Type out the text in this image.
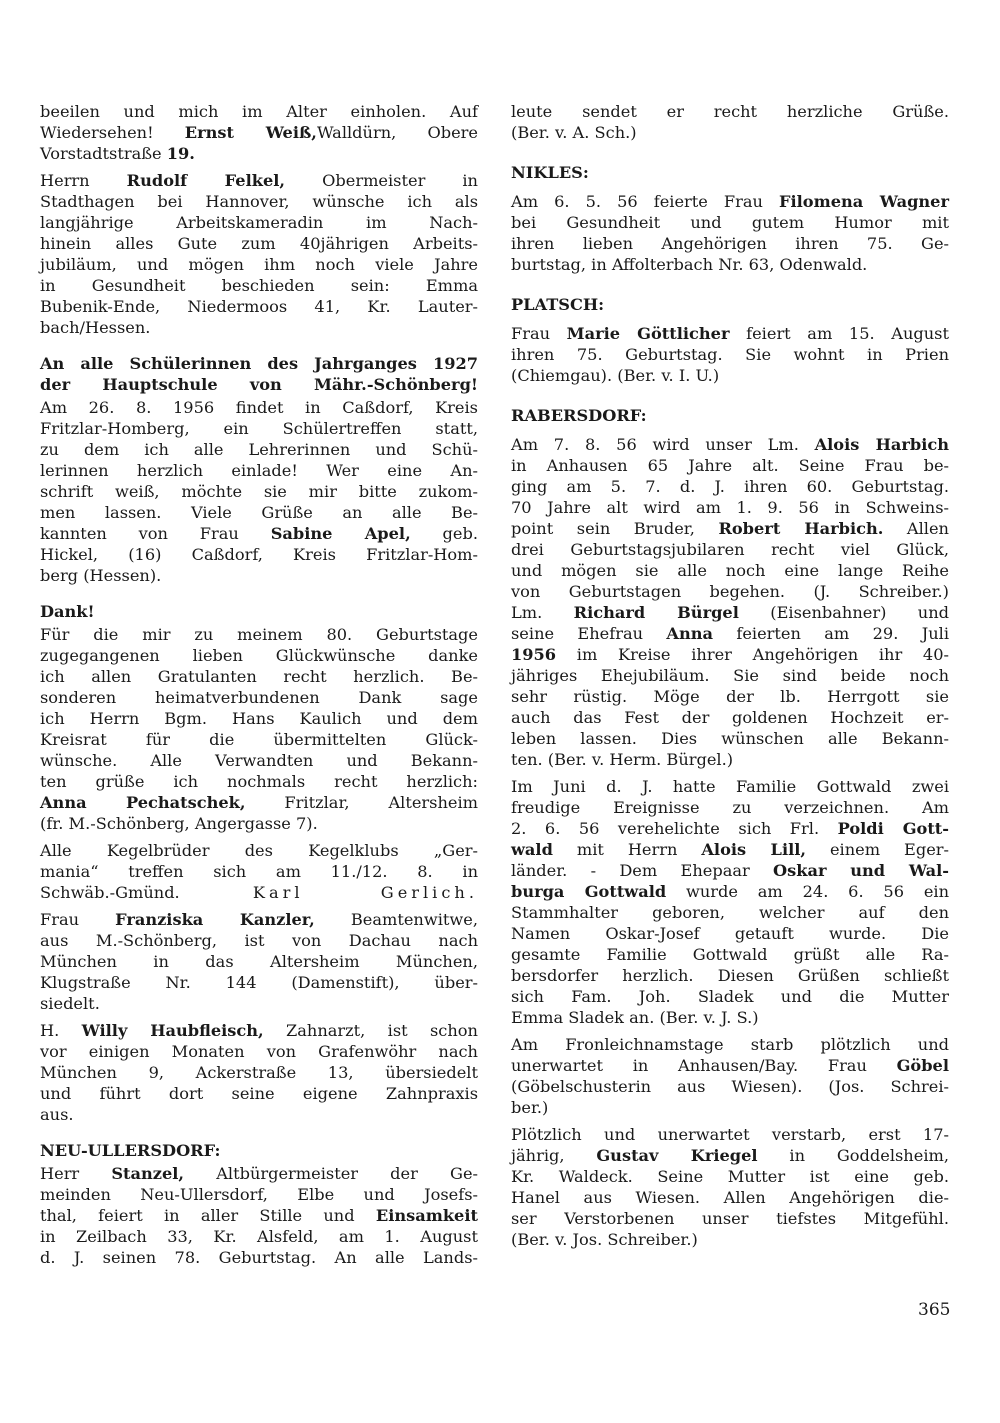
beeilen und mich im Alter einholen. Auf
Wiedersehen! Ernst Weiß,Walldürn, Obere
Vorstadtstraße 19.
Herrn Rudolf Felkel, Obermeister in
Stadthagen bei Hannover, wünsche ich als
langjährige Arbeitskameradin im Nach-
hinein alles Gute zum 40jährigen Arbeits-
jubiläum, und mögen ihm noch viele Jahre
in Gesundheit beschieden sein: Emma
Bubenik-Ende, Niedermoos 41, Kr. Lauter-
bach/Hessen.
An alle Schülerinnen des Jahrganges 1927
der Hauptschule von Mähr.-Schönberg!
Am 26. 8. 1956 findet in Caßdorf, Kreis
Fritzlar-Homberg, ein Schülertreffen statt,
zu dem ich alle Lehrerinnen und Schü-
lerinnen herzlich einlade! Wer eine An-
schrift weiß, möchte sie mir bitte zukom-
men lassen. Viele Grüße an alle Be-
kannten von Frau Sabine Apel, geb.
Hickel, (16) Caßdorf, Kreis Fritzlar-Hom-
berg (Hessen).
Dank!
Für die mir zu meinem 80. Geburtstage
zugegangenen lieben Glückwünsche danke
ich allen Gratulanten recht herzlich. Be-
sonderen heimatverbundenen Dank sage
ich Herrn Bgm. Hans Kaulich und dem
Kreisrat für die übermittelten Glück-
wünsche. Alle Verwandten und Bekann-
ten grüße ich nochmals recht herzlich:
Anna Pechatschek, Fritzlar, Altersheim
(fr. M.-Schönberg, Angergasse 7).
Alle Kegelbrüder des Kegelklubs „Ger-
mania“ treffen sich am 11./12. 8. in
Schwäb.-Gmünd. Karl Gerlich.
Frau Franziska Kanzler, Beamtenwitwe,
aus M.-Schönberg, ist von Dachau nach
München in das Altersheim München,
Klugstraße Nr. 144 (Damenstift), über-
siedelt.
H. Willy Haubfleisch, Zahnarzt, ist schon
vor einigen Monaten von Grafenwöhr nach
München 9, Ackerstraße 13, übersiedelt
und führt dort seine eigene Zahnpraxis
aus.
NEU-ULLERSDORF:
Herr Stanzel, Altbürgermeister der Ge-
meinden Neu-Ullersdorf, Elbe und Josefs-
thal, feiert in aller Stille und Einsamkeit
in Zeilbach 33, Kr. Alsfeld, am 1. August
d. J. seinen 78. Geburtstag. An alle Lands-
leute sendet er recht herzliche Grüße.
(Ber. v. A. Sch.)
NIKLES:
Am 6. 5. 56 feierte Frau Filomena Wagner
bei Gesundheit und gutem Humor mit
ihren lieben Angehörigen ihren 75. Ge-
burtstag, in Affolterbach Nr. 63, Odenwald.
PLATSCH:
Frau Marie Göttlicher feiert am 15. August
ihren 75. Geburtstag. Sie wohnt in Prien
(Chiemgau). (Ber. v. I. U.)
RABERSDORF:
Am 7. 8. 56 wird unser Lm. Alois Harbich
in Anhausen 65 Jahre alt. Seine Frau be-
ging am 5. 7. d. J. ihren 60. Geburtstag.
70 Jahre alt wird am 1. 9. 56 in Schweins-
point sein Bruder, Robert Harbich. Allen
drei Geburtstagsjubilaren recht viel Glück,
und mögen sie alle noch eine lange Reihe
von Geburtstagen begehen. (J. Schreiber.)
Lm. Richard Bürgel (Eisenbahner) und
seine Ehefrau Anna feierten am 29. Juli
1956 im Kreise ihrer Angehörigen ihr 40-
jähriges Ehejubiläum. Sie sind beide noch
sehr rüstig. Möge der lb. Herrgott sie
auch das Fest der goldenen Hochzeit er-
leben lassen. Dies wünschen alle Bekann-
ten. (Ber. v. Herm. Bürgel.)
Im Juni d. J. hatte Familie Gottwald zwei
freudige Ereignisse zu verzeichnen. Am
2. 6. 56 verehelichte sich Frl. Poldi Gott-
wald mit Herrn Alois Lill, einem Eger-
länder. - Dem Ehepaar Oskar und Wal-
burga Gottwald wurde am 24. 6. 56 ein
Stammhalter geboren, welcher auf den
Namen Oskar-Josef getauft wurde. Die
gesamte Familie Gottwald grüßt alle Ra-
bersdorfer herzlich. Diesen Grüßen schließt
sich Fam. Joh. Sladek und die Mutter
Emma Sladek an. (Ber. v. J. S.)
Am Fronleichnamstage starb plötzlich und
unerwartet in Anhausen/Bay. Frau Göbel
(Göbelschusterin aus Wiesen). (Jos. Schrei-
ber.)
Plötzlich und unerwartet verstarb, erst 17-
jährig, Gustav Kriegel in Goddelsheim,
Kr. Waldeck. Seine Mutter ist eine geb.
Hanel aus Wiesen. Allen Angehörigen die-
ser Verstorbenen unser tiefstes Mitgefühl.
(Ber. v. Jos. Schreiber.)
365
